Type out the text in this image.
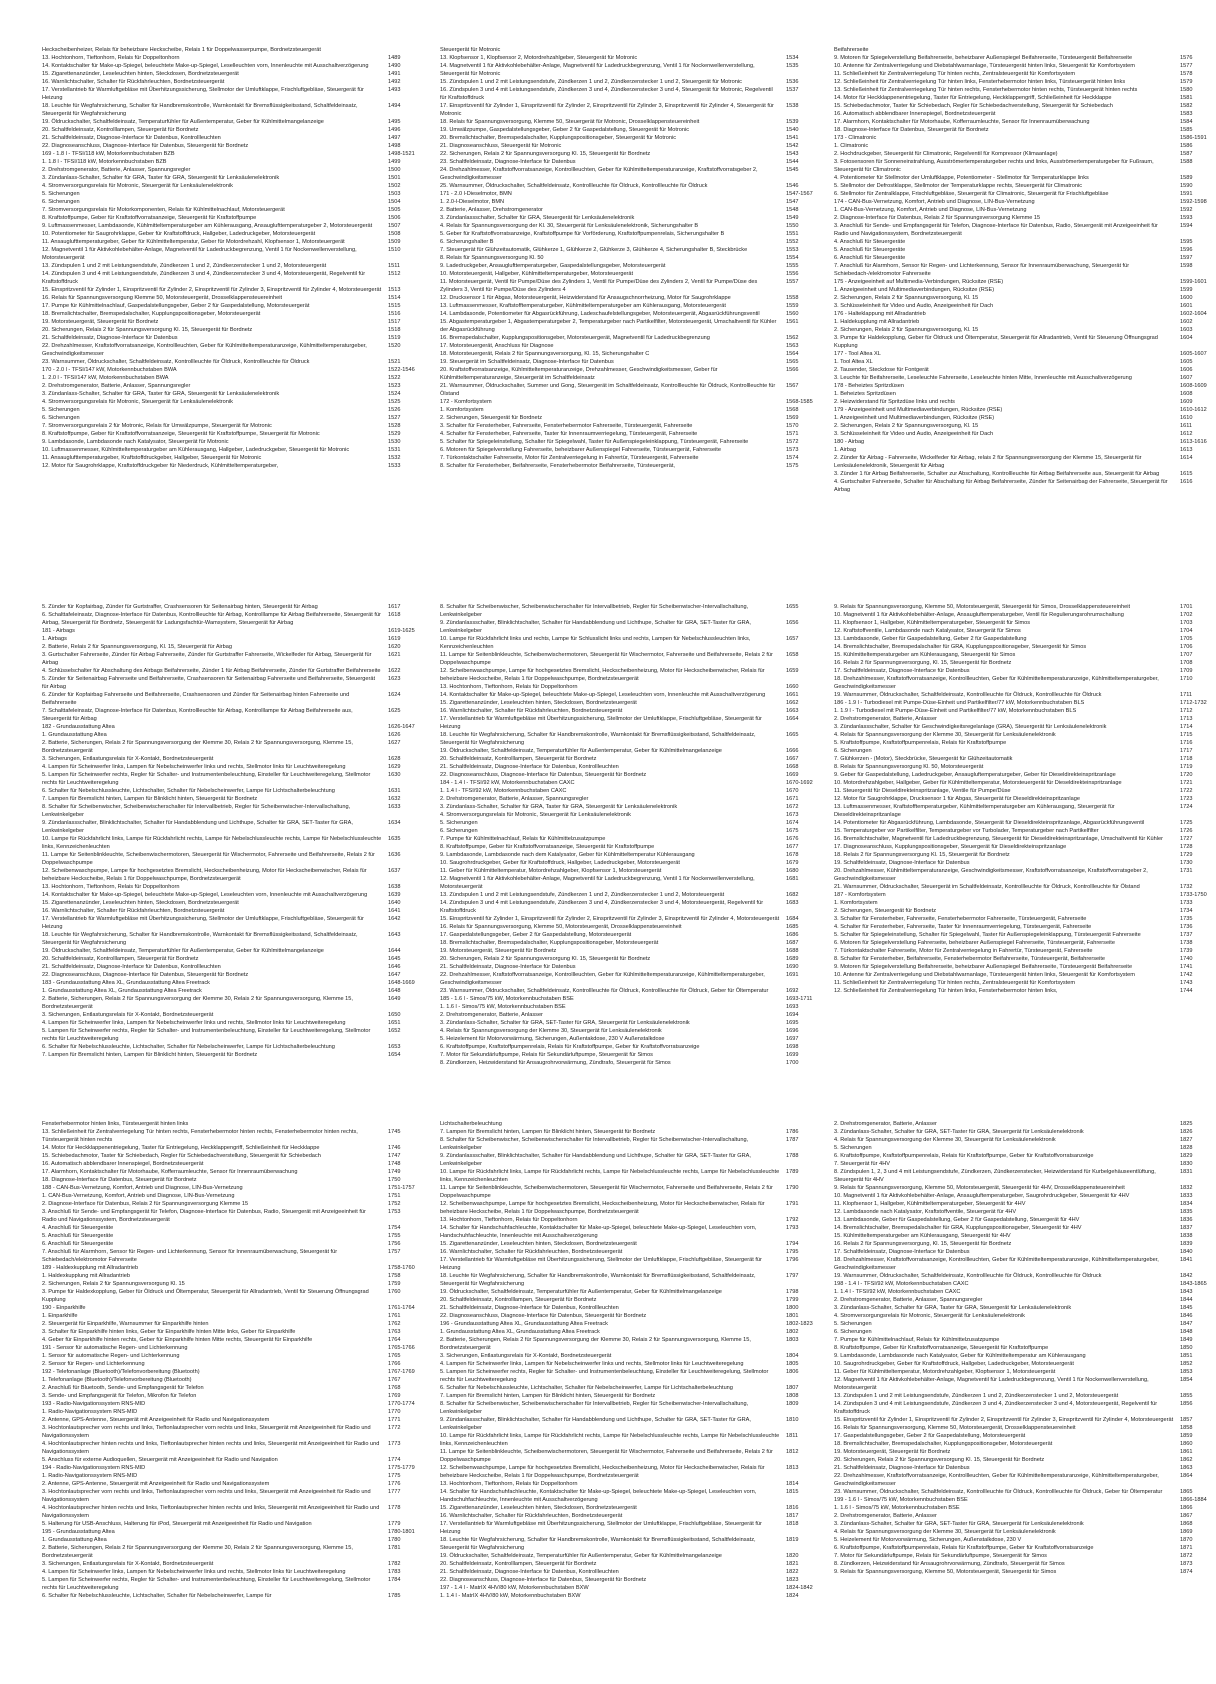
Heckscheibenheizer, Relais für beheizbare Heckscheibe, Relais 1 für Doppelwasserpumpe, Bordnetzsteuergerät
13. Hochtonhorn, Tieftonhorn, Relais für Doppeltonhorn	1489
14. Kontaktschalter für Make-up-Spiegel, beleuchtete Make-up-Spiegel, Leselleuchten vorn, Innenleuchte mit Ausschaltverzögerung	1490
15. Zigarettenanzünder, Leseleuchten hinten, Steckdosen, Bordnetzsteuergerät	1491
16. Warnlichtschalter, Schalter für Rückfahrleuchten, Bordnetzsteuergerät	1492
17. Verstellantrieb für Warmluftgebläse mit Überhitzungssicherung, Stellmotor der Umluftklappe, Frischluftgebläse, Steuergerät für Heizung
1493
18. Leuchte für Wegfahrsicherung, Schalter für Handbremskontrolle, Warnkontakt für Bremsflüssigkeitsstand, Schaltfeldeinsatz, Steuergerät für Wegfahrsicherung
1494
19. Öldruckschalter, Schaltfeldeinsatz, Temperaturfühler für Außentemperatur, Geber für Kühlmittelmangelanzeige	1495
20. Schaltfeldeinsatz, Kontrolllampen, Steuergerät für Bordnetz	1496
21. Schaltfeldeinsatz, Diagnose-Interface für Datenbus, Kontrollleuchten	1497
22. Diagnoseanschluss, Diagnose-Interface für Datenbus, Steuergerät für Bordnetz	1498
169 - 1.8 l - TFSI/118 kW, Motorkennbuchstaben BZB	1498-1521
1. 1.8 l - TFSI/118 kW, Motorkennbuchstaben BZB	1499
2. Drehstromgenerator, Batterie, Anlasser, Spannungsregler	1500
3. Zündanlass-Schalter, Schalter für GRA, Taster für GRA, Steuergerät für Lenksäulenelektronik	1501
4. Stromversorgungsrelais für Motronic, Steuergerät für Lenksäulenelektronik	1502
5. Sicherungen	1503
6. Sicherungen	1504
7. Stromversorgungsrelais für Motorkomponenten, Relais für Kühlmittelnachlauf, Motorsteuergerät	1505
8. Kraftstoffpumpe, Geber für Kraftstoffvorratsanzeige, Steuergerät für Kraftstoffpumpe	1506
9. Luftmassenmesser, Lambdasonde, Kühlmitteltemperaturgeber am Kühlerausgang, Ansauglufttemperaturgeber 2, Motorsteuergerät	1507
10. Potentiometer für Saugrohrklappe, Geber für Kraftstoffdruck, Hallgeber, Ladedruckgeber, Motorsteuergerät	1508
11. Ansauglufttemperaturgeber, Geber für Kühlmitteltemperatur, Geber für Motordrehzahl, Klopfsensor 1, Motorsteuergerät	1509
12. Magnetventil 1 für Aktivkohlebehälter-Anlage, Magnetventil für Ladedruckbegrenzung, Ventil 1 für Nockenwellenverstellung, Motorsteuergerät
1510
13. Zündspulen 1 und 2 mit Leistungsendstufe, Zündkerzen 1 und 2, Zündkerzenstecker 1 und 2, Motorsteuergerät	1511
14. Zündspulen 3 und 4 mit Leistungsendstufe, Zündkerzen 3 und 4, Zündkerzenstecker 3 und 4, Motorsteuergerät, Regelventil für Kraftstoffdruck
1512
15. Einspritzventil für Zylinder 1, Einspritzventil für Zylinder 2, Einspritzventil für Zylinder 3, Einspritzventil für Zylinder 4, Motorsteuergerät	1513
16. Relais für Spannungsversorgung Klemme 50, Motorsteuergerät, Drosselklappensteuereinheit	1514
17. Pumpe für Kühlmittelnachlauf, Gaspedalstellungsgeber, Geber 2 für Gaspedalstellung, Motorsteuergerät	1515
18. Bremslichtschalter, Bremspedalschalter, Kupplungspositionsgeber, Motorsteuergerät	1516
19. Motorsteuergerät, Steuergerät für Bordnetz	1517
20. Sicherungen, Relais 2 für Spannungsversorgung Kl. 15, Steuergerät für Bordnetz	1518
21. Schaltfeldeinsatz, Diagnose-Interface für Datenbus	1519
22. Drehzahlmesser, Kraftstoffvorratsanzeige, Kontrollleuchten, Geber für Kühlmitteltemperaturanzeige, Kühlmitteltemperaturgeber, Geschwindigkeitsmesser
1520
23. Warnsummer, Öldruckschalter, Schaltfeldeinsatz, Kontrollleuchte für Öldruck, Kontrollleuchte für Öldruck	1521
170 - 2.0 l - TFSI/147 kW, Motorkennbuchstaben BWA	1522-1546
1. 2.0 l - TFSI/147 kW, Motorkennbuchstaben BWA	1522
2. Drehstromgenerator, Batterie, Anlasser, Spannungsregler	1523
3. Zündanlass-Schalter, Schalter für GRA, Taster für GRA, Steuergerät für Lenksäulenelektronik	1524
4. Stromversorgungsrelais für Motronic, Steuergerät für Lenksäulenelektronik	1525
5. Sicherungen	1526
6. Sicherungen	1527
7. Stromversorgungsrelais 2 für Motronic, Relais für Umwälzpumpe, Steuergerät für Motronic	1528
8. Kraftstoffpumpe, Geber für Kraftstoffvorratsanzeige, Steuergerät für Kraftstoffpumpe, Steuergerät für Motronic	1529
9. Lambdasonde, Lambdasonde nach Katalysator, Steuergerät für Motronic	1530
10. Luftmassenmesser, Kühlmitteltemperaturgeber am Kühlerausgang, Hallgeber, Ladedruckgeber, Steuergerät für Motronic	1531
11. Ansauglufttemperaturgeber, Kraftstoffdruckgeber, Hallgeber, Steuergerät für Motronic	1532
12. Motor für Saugrohrklappe, Kraftstoffdruckgeber für Niederdruck, Kühlmitteltemperaturgeber,	1533
Steuergerät für Motronic
13. Klopfsensor 1, Klopfsensor 2, Motordrehzahlgeber, Steuergerät für Motronic	1534
14. Magnetventil 1 für Aktivkohlebehälter-Anlage, Magnetventil für Ladedruckbegrenzung, Ventil 1 für Nockenwellenverstellung, Steuergerät für Motronic
1535
15. Zündspulen 1 und 2 mit Leistungsendstufe, Zündkerzen 1 und 2, Zündkerzenstecker 1 und 2, Steuergerät für Motronic	1536
16. Zündspulen 3 und 4 mit Leistungsendstufe, Zündkerzen 3 und 4, Zündkerzenstecker 3 und 4, Steuergerät für Motronic, Regelventil für Kraftstoffdruck
1537
17. Einspritzventil für Zylinder 1, Einspritzventil für Zylinder 2, Einspritzventil für Zylinder 3, Einspritzventil für Zylinder 4, Steuergerät für Motronic
1538
18. Relais für Spannungsversorgung, Klemme 50, Steuergerät für Motronic, Drosselklappensteuereinheit	1539
19. Umwälzpumpe, Gaspedalstellungsgeber, Geber 2 für Gaspedalstellung, Steuergerät für Motronic	1540
20. Bremslichtschalter, Bremspedalschalter, Kupplungspositionsgeber, Steuergerät für Motronic	1541
21. Diagnoseanschluss, Steuergerät für Motronic	1542
22. Sicherungen, Relais 2 für Spannungsversorgung Kl. 15, Steuergerät für Bordnetz	1543
23. Schaltfeldeinsatz, Diagnose-Interface für Datenbus	1544
24. Drehzahlmesser, Kraftstoffvorratsanzeige, Kontrollleuchten, Geber für Kühlmitteltemperaturanzeige, Kraftstoffvorratsgeber 2, Geschwindigkeitsmesser
1545
25. Warnsummer, Öldruckschalter, Schaltfeldeinsatz, Kontrollleuchte für Öldruck, Kontrollleuchte für Öldruck	1546
171 - 2.0 l-Dieselmotor, BMN	1547-1567
1. 2.0-l-Dieselmotor, BMN	1547
2. Batterie, Anlasser, Drehstromgenerator	1548
3. Zündanlassschalter, Schalter für GRA, Steuergerät für Lenksäulenelektronik	1549
4. Relais für Spannungsversorgung der Kl. 30, Steuergerät für Lenksäulenelektronik, Sicherungshalter B	1550
5. Geber für Kraftstoffvorratsanzeige, Kraftstoffpumpe für Vorförderung, Kraftstoffpumpenrelais, Sicherungshalter B	1551
6. Sicherungshalter B	1552
7. Steuergerät für Glühzeitautomatik, Glühkerze 1, Glühkerze 2, Glühkerze 3, Glühkerze 4, Sicherungshalter B, Steckbrücke	1553
8. Relais für Spannungsversorgung Kl. 50	1554
9. Ladedruckgeber, Ansauglufttemperaturgeber, Gaspedalstellungsgeber, Motorsteuergerät	1555
10. Motorsteuergerät, Hallgeber, Kühlmitteltemperaturgeber, Motorsteuergerät	1556
11. Motorsteuergerät, Ventil für Pumpe/Düse des Zylinders 1, Ventil für Pumpe/Düse des Zylinders 2, Ventil für Pumpe/Düse des Zylinders 3, Ventil für Pumpe/Düse des Zylinders 4
1557
12. Drucksensor 1 für Abgas, Motorsteuergerät, Heizwiderstand für Ansaugschnorrheizung, Motor für Saugrohrklappe	1558
13. Luftmassenmesser, Kraftstofftemperaturgeber, Kühlmitteltemperaturgeber am Kühlerausgang, Motorsteuergerät	1559
14. Lambdasonde, Potentiometer für Abgasrückführung, Ladeschaufelstellungsgeber, Motorsteuergerät, Abgasrückführungsventil	1560
15. Abgastemperaturgeber 1, Abgastemperaturgeber 2, Temperaturgeber nach Partikelfilter, Motorsteuergerät, Umschaltventil für Kühler der Abgasrückführung
1561
16. Bremspedalschalter, Kupplungspositionsgeber, Motorsteuergerät, Magnetventil für Ladedruckbegrenzung	1562
17. Motorsteuergerät, Anschluss für Diagnose	1563
18. Motorsteuergerät, Relais 2 für Spannungsversorgung, Kl. 15, Sicherungshalter C	1564
19. Steuergerät im Schaltfeldeinsatz, Diagnose-Interface für Datenbus	1565
20. Kraftstoffvorratsanzeige, Kühlmitteltemperaturanzeige, Drehzahlmesser, Geschwindigkeitsmesser, Geber für Kühlmitteltemperaturanzeige, Steuergerät im Schaltfeldeinsatz
1566
21. Warnsummer, Öldruckschalter, Summer und Gong, Steuergerät im Schaltfeldeinsatz, Kontrollleuchte für Öldruck, Kontrollleuchte für Ölstand
1567
172 - Komfortsystem	1568-1585
1. Komfortsystem	1568
2. Sicherungen, Steuergerät für Bordnetz	1569
3. Schalter für Fensterheber, Fahrerseite, Fensterhebermotor Fahrerseite, Türsteuergerät, Fahrerseite	1570
4. Schalter für Fensterheber, Fahrerseite, Taster für Innenraumverriegelung, Türsteuergerät, Fahrerseite	1571
5. Schalter für Spiegeleinstellung, Schalter für Spiegelwahl, Taster für Außenspiegeleinklappung, Türsteuergerät, Fahrerseite	1572
6. Motoren für Spiegelverstellung Fahrerseite, beheizbarer Außenspiegel Fahrerseite, Türsteuergerät, Fahrerseite	1573
7. Türkontaktschalter Fahrerseite, Motor für Zentralverriegelung in Fahrertür, Türsteuergerät, Fahrerseite	1574
8. Schalter für Fensterheber, Beifahrerseite, Fensterhebermotor Beifahrerseite, Türsteuergerät,	1575
Beifahrerseite
9. Motoren für Spiegelverstellung Beifahrerseite, beheizbarer Außenspiegel Beifahrerseite, Türsteuergerät Beifahrerseite	1576
10. Antenne für Zentralverriegelung und Diebstahlwarnanlage, Türsteuergerät hinten links, Steuergerät für Komfortsystem	1577
11. Schließeinheit für Zentralverriegelung Tür hinten rechts, Zentralsteuergerät für Komfortsystem	1578
12. Schließeinheit für Zentralverriegelung Tür hinten links, Fensterhebermotor hinten links, Türsteuergerät hinten links	1579
13. Schließeinheit für Zentralverriegelung Tür hinten rechts, Fensterhebermotor hinten rechts, Türsteuergerät hinten rechts	1580
14. Motor für Heckklappenentriegelung, Taster für Entriegelung, Heckklappengriff, Schließeinheit für Heckklappe	1581
15. Schiebedachmotor, Taster für Schiebedach, Regler für Schiebedachverstellung, Steuergerät für Schiebedach	1582
16. Automatisch abblendbarer Innenspiegel, Bordnetzsteuergerät	1583
17. Alarmhorn, Kontaktschalter für Motorhaube, Kofferraumleuchte, Sensor für Innenraumüberwachung	1584
18. Diagnose-Interface für Datenbus, Steuergerät für Bordnetz	1585
173 - Climatronic	1586-1591
1. Climatronic	1586
2. Hochdruckgeber, Steuergerät für Climatronic, Regelventil für Kompressor (Klimaanlage)	1587
3. Fotosensoren für Sonneneinstrahlung, Ausströmertemperaturgeber rechts und links, Ausströmertemperaturgeber für Fußraum, Steuergerät für Climatronic
1588
4. Potentiometer für Stellmotor der Umluftklappe, Potentiometer - Stellmotor für Temperaturklappe links	1589
5. Stellmotor der Defrostklappe, Stellmotor der Temperaturklappe rechts, Steuergerät für Climatronic	1590
6. Stellmotor für Zentralklappe, Frischluftgebläse, Steuergerät für Climatronic, Steuergerät für Frischluftgebläse	1591
174 - CAN-Bus-Vernetzung, Komfort, Antrieb und Diagnose, LIN-Bus-Vernetzung	1592-1598
1. CAN-Bus-Vernetzung, Komfort, Antrieb und Diagnose, LIN-Bus-Vernetzung	1592
2. Diagnose-Interface für Datenbus, Relais 2 für Spannungsversorgung Klemme 15	1593
3. Anschluß für Sende- und Empfangsgerät für Telefon, Diagnose-Interface für Datenbus, Radio, Steuergerät mit Anzeigeeinheit für Radio und Navigationssystem, Bordnetzsteuergerät
1594
4. Anschluß für Steuergeräte	1595
5. Anschluß für Steuergeräte	1596
6. Anschluß für Steuergeräte	1597
7. Anschluß für Alarmhorn, Sensor für Regen- und Lichterkennung, Sensor für Innenraumüberwachung, Steuergerät für Schiebedach-/elektromotor Fahrerseite
1598
175 - Anzeigeeinheit auf Multimedia-Verbindungen, Rücksitze (RSE)	1599-1601
1. Anzeigeeinheit und Multimediaverbindungen, Rücksitze (RSE)	1599
2. Sicherungen, Relais 2 für Spannungsversorgung, Kl. 15	1600
3. Schlüsseleinheit für Video und Audio, Anzeigeeinheit für Dach	1601
176 - Halteklappung mit Allradantrieb	1602-1604
1. Haldekupplung mit Allradantrieb	1602
2. Sicherungen, Relais 2 für Spannungsversorgung, Kl. 15	1603
3. Pumpe für Haldekopplung, Geber für Öldruck und Öltemperatur, Steuergerät für Allradantrieb, Ventil für Steuerung Öffnungsgrad Kupplung
1604
177 - Tool Altea XL	1605-1607
1. Tool Altea XL	1605
2. Tausender, Steckdose für Fontgerät	1606
3. Leuchte für Beifahrerseite, Leseleuchte Fahrerseite, Leseleuchte hinten Mitte, Innenleuchte mit Ausschaltverzögerung	1607
178 - Beheiztes Spritzdüsen	1608-1609
1. Beheiztes Spritzdüsen	1608
2. Heizwiderstand für Spritzdüse links und rechts	1609
179 - Anzeigeeinheit und Multimediaverbindungen, Rücksitze (RSE)	1610-1612
1. Anzeigeeinheit und Multimediaverbindungen, Rücksitze (RSE)	1610
2. Sicherungen, Relais 2 für Spannungsversorgung, Kl. 15	1611
3. Schlüsseleinheit für Video und Audio, Anzeigeeinheit für Dach	1612
180 - Airbag	1613-1616
1. Airbag	1613
2. Zünder für Airbag - Fahrerseite, Wickelfeder für Airbag, relais 2 für Spannungsversorgung der Klemme 15, Steuergerät für Lenksäulenelektronik, Steuergerät für Airbag
1614
3. Zünder 1 für Airbag Beifahrerseite, Schalter zur Abschaltung, Kontrollleuchte für Airbag Beifahrerseite aus, Steuergerät für Airbag	1615
4. Gurtschalter Fahrerseite, Schalter für Abschaltung für Airbag Beifahrerseite, Zünder für Seitenairbag der Fahrerseite, Steuergerät für Airbag
1616
5. Zünder für Kopfairbag, Zünder für Gurtstraffer, Crashsensoren für Seitenairbag hinten, Steuergerät für Airbag	1617
6. Schalttafeleinsatz, Diagnose-Interface für Datenbus, Kontrollleuchte für Airbag, Kontrolllampe für Airbag Beifahrerseite, Steuergerät für Airbag, Steuergerät für Bordnetz, Steuergerät für Ladungsfachtür-Wamsystem, Steuergerät für Airbag
1618
181 - Airbags	1619-1625
1. Airbags	1619
2. Batterie, Relais 2 für Spannungsversorgung, Kl. 15, Steuergerät für Airbag	1620
3. Gurtschalter Fahrerseite, Zünder für Airbag Fahrerseite, Zünder für Gurtstraffer Fahrerseite, Wickelfeder für Airbag, Steuergerät für Airbag
1621
4. Schlüsselschalter für Abschaltung des Airbags Beifahrerseite, Zünder 1 für Airbag Beifahrerseite, Zünder für Gurtstraffer Beifahrerseite	1622
5. Zünder für Seitenairbag Fahrerseite und Beifahrerseite, Crashsensoren für Seitenairbag Fahrerseite und Beifahrerseite, Steuergerät für Airbag
1623
6. Zünder für Kopfairbag Fahrerseite und Beifahrerseite, Crashsensoren und Zünder für Seitenairbag hinten Fahrerseite und Beifahrerseite
1624
7. Schalttafeleinsatz, Diagnose-Interface für Datenbus, Kontrollleuchte für Airbag, Kontrolllampe für Airbag Beifahrerseite aus, Steuergerät für Airbag
1625
182 - Grundausstattung Altea	1626-1647
1. Grundausstattung Altea	1626
2. Batterie, Sicherungen, Relais 2 für Spannungsversorgung der Klemme 30, Relais 2 für Spannungsversorgung, Klemme 15, Bordnetzsteuergerät
1627
3. Sicherungen, Entlastungsrelais für X-Kontakt, Bordnetzsteuergerät	1628
4. Lampen für Scheinwerfer links, Lampen für Nebelscheinwerfer links und rechts, Stellmotor links für Leuchtweiteregelung	1629
5. Lampen für Scheinwerfer rechts, Regler für Schalter- und Instrumentenbeleuchtung, Einsteller für Leuchtweiteregelung, Stellmotor rechts für Leuchtweiteregelung
1630
6. Schalter für Nebelschlussleuchte, Lichtschalter, Schalter für Nebelscheinwerfer, Lampe für Lichtschalterbeleuchtung	1631
7. Lampen für Bremslicht hinten, Lampen für Blinklicht hinten, Steuergerät für Bordnetz	1632
8. Schalter für Scheibenwischer, Scheibenwischerschalter für Intervallbetrieb, Regler für Scheibenwischer-Intervallschaltung, Lenkwinkelgeber
1633
9. Zündanlassschalter, Blinklichtschalter, Schalter für Handabblendung und Lichthupe, Schalter für GRA, SET-Taster für GRA, Lenkwinkelgeber
1634
10. Lampe für Rückfahrlicht links, Lampe für Rückfahrlicht rechts, Lampe für Nebelschlussleuchte rechts, Lampe für Nebelschlussleuchte links, Kennzeichenleuchten
1635
11. Lampe für Seitenblinkleuchte, Scheibenwischermotoren, Steuergerät für Wischermotor, Fahrerseite und Beifahrerseite, Relais 2 für Doppelwaschpumpe
1636
12. Scheibenwaschpumpe, Lampe für hochgesetztes Bremslicht, Heckscheibenheizung, Motor für Heckscheibenwischer, Relais für beheizbare Heckscheibe, Relais 1 für Doppelwaschpumpe, Bordnetzsteuergerät
1637
13. Hochtonhorn, Tieftonhorn, Relais für Doppeltonhorn	1638
14. Kontaktschalter für Make-up-Spiegel, beleuchtete Make-up-Spiegel, Leseleuchten vorn, Innenleuchte mit Ausschaltverzögerung	1639
15. Zigarettenanzünder, Leseleuchten hinten, Steckdosen, Bordnetzsteuergerät	1640
16. Warnlichtschalter, Schalter für Rückfahrleuchten, Bordnetzsteuergerät	1641
17. Verstellantrieb für Warmluftgebläse mit Überhitzungssicherung, Stellmotor der Umluftklappe, Frischluftgebläse, Steuergerät für Heizung
1642
18. Leuchte für Wegfahrsicherung, Schalter für Handbremskontrolle, Warnkontakt für Bremsflüssigkeitsstand, Schaltfeldeinsatz, Steuergerät für Wegfahrsicherung
1643
19. Öldruckschalter, Schaltfeldeinsatz, Temperaturfühler für Außentemperatur, Geber für Kühlmittelmangelanzeige	1644
20. Schaltfeldeinsatz, Kontrolllampen, Steuergerät für Bordnetz	1645
21. Schaltfeldeinsatz, Diagnose-Interface für Datenbus, Kontrollleuchten	1646
22. Diagnoseanschluss, Diagnose-Interface für Datenbus, Steuergerät für Bordnetz	1647
183 - Grundausstattung Altea XL, Grundausstattung Altea Freetrack	1648-1669
1. Grundausstattung Altea XL, Grundausstattung Altea Freetrack	1648
2. Batterie, Sicherungen, Relais 2 für Spannungsversorgung der Klemme 30, Relais 2 für Spannungsversorgung, Klemme 15, Bordnetzsteuergerät
1649
3. Sicherungen, Entlastungsrelais für X-Kontakt, Bordnetzsteuergerät	1650
4. Lampen für Scheinwerfer links, Lampen für Nebelscheinwerfer links und rechts, Stellmotor links für Leuchtweiteregelung	1651
5. Lampen für Scheinwerfer rechts, Regler für Schalter- und Instrumentenbeleuchtung, Einsteller für Leuchtweiteregelung, Stellmotor rechts für Leuchtweiteregelung
1652
6. Schalter für Nebelschlussleuchte, Lichtschalter, Schalter für Nebelscheinwerfer, Lampe für Lichtschalterbeleuchtung	1653
7. Lampen für Bremslicht hinten, Lampen für Blinklicht hinten, Steuergerät für Bordnetz	1654
8. Schalter für Scheibenwischer, Scheibenwischerschalter für Intervallbetrieb, Regler für Scheibenwischer-Intervallschaltung, Lenkwinkelgeber
1655
9. Zündanlassschalter, Blinklichtschalter, Schalter für Handabblendung und Lichthupe, Schalter für GRA, SET-Taster für GRA, Lenkwinkelgeber
1656
10. Lampe für Rückfahrlicht links und rechts, Lampe für Schlusslicht links und rechts, Lampen für Nebelschlussleuchten links, Kennzeichenleuchten
1657
11. Lampe für Seitenblinkleuchte, Scheibenwischermotoren, Steuergerät für Wischermotor, Fahrerseite und Beifahrerseite, Relais 2 für Doppelwaschpumpe
1658
12. Scheibenwaschpumpe, Lampe für hochgesetztes Bremslicht, Heckscheibenheizung, Motor für Heckscheibenwischer, Relais für beheizbare Heckscheibe, Relais 1 für Doppelwaschpumpe, Bordnetzsteuergerät
1659
13. Hochtonhorn, Tieftonhorn, Relais für Doppeltonhorn	1660
14. Kontaktschalter für Make-up-Spiegel, beleuchtete Make-up-Spiegel, Leseleuchten vorn, Innenleuchte mit Ausschaltverzögerung	1661
15. Zigarettenanzünder, Leseleuchten hinten, Steckdosen, Bordnetzsteuergerät	1662
16. Warnlichtschalter, Schalter für Rückfahrleuchten, Bordnetzsteuergerät	1663
17. Verstellantrieb für Warmluftgebläse mit Überhitzungssicherung, Stellmotor der Umluftklappe, Frischluftgebläse, Steuergerät für Heizung
1664
18. Leuchte für Wegfahrsicherung, Schalter für Handbremskontrolle, Warnkontakt für Bremsflüssigkeitsstand, Schaltfeldeinsatz, Steuergerät für Wegfahrsicherung
1665
19. Öldruckschalter, Schaltfeldeinsatz, Temperaturfühler für Außentemperatur, Geber für Kühlmittelmangelanzeige	1666
20. Schaltfeldeinsatz, Kontrolllampen, Steuergerät für Bordnetz	1667
21. Schaltfeldeinsatz, Diagnose-Interface für Datenbus, Kontrollleuchten	1668
22. Diagnoseanschluss, Diagnose-Interface für Datenbus, Steuergerät für Bordnetz	1669
184 - 1.4 l - TFSI/92 kW, Motorkennbuchstaben CAXC	1670-1692
1. 1.4 l - TFSI/92 kW, Motorkennbuchstaben CAXC	1670
2. Drehstromgenerator, Batterie, Anlasser, Spannungsregler	1671
3. Zündanlass-Schalter, Schalter für GRA, Taster für GRA, Steuergerät für Lenksäulenelektronik	1672
4. Stromversorgungsrelais für Motronic, Steuergerät für Lenksäulenelektronik	1673
5. Sicherungen	1674
6. Sicherungen	1675
7. Pumpe für Kühlmittelnachlauf, Relais für Kühlmittelzusatzpumpe	1676
8. Kraftstoffpumpe, Geber für Kraftstoffvorratsanzeige, Steuergerät für Kraftstoffpumpe	1677
9. Lambdasonde, Lambdasonde nach dem Katalysator, Geber für Kühlmitteltemperatur Kühlerausgang	1678
10. Saugrohrdruckgeber, Geber für Kraftstoffdruck, Hallgeber, Ladedruckgeber, Motorsteuergerät	1679
11. Geber für Kühlmitteltemperatur, Motordrehzahlgeber, Klopfsensor 1, Motorsteuergerät	1680
12. Magnetventil 1 für Aktivkohlebehälter-Anlage, Magnetventil für Ladedruckbegrenzung, Ventil 1 für Nockenwellenverstellung, Motorsteuergerät
1681
13. Zündspulen 1 und 2 mit Leistungsendstufe, Zündkerzen 1 und 2, Zündkerzenstecker 1 und 2, Motorsteuergerät	1682
14. Zündspulen 3 und 4 mit Leistungsendstufe, Zündkerzen 3 und 4, Zündkerzenstecker 3 und 4, Motorsteuergerät, Regelventil für Kraftstoffdruck
1683
15. Einspritzventil für Zylinder 1, Einspritzventil für Zylinder 2, Einspritzventil für Zylinder 3, Einspritzventil für Zylinder 4, Motorsteuergerät	1684
16. Relais für Spannungsversorgung, Klemme 50, Motorsteuergerät, Drosselklappensteuereinheit	1685
17. Gaspedalstellungsgeber, Geber 2 für Gaspedalstellung, Motorsteuergerät	1686
18. Bremslichtschalter, Bremspedalschalter, Kupplungspositionsgeber, Motorsteuergerät	1687
19. Motorsteuergerät, Steuergerät für Bordnetz	1688
20. Sicherungen, Relais 2 für Spannungsversorgung Kl. 15, Steuergerät für Bordnetz	1689
21. Schaltfeldeinsatz, Diagnose-Interface für Datenbus	1690
22. Drehzahlmesser, Kraftstoffvorratsanzeige, Kontrollleuchten, Geber für Kühlmitteltemperaturanzeige, Kühlmitteltemperaturgeber, Geschwindigkeitsmesser
1691
23. Warnsummer, Öldruckschalter, Schaltfeldeinsatz, Kontrollleuchte für Öldruck, Kontrollleuchte für Öldruck, Geber für Öltemperatur	1692
185 - 1.6 l - Simos/75 kW, Motorkennbuchstaben BSE	1693-1711
1. 1.6 l - Simos/75 kW, Motorkennbuchstaben BSE	1693
2. Drehstromgenerator, Batterie, Anlasser	1694
3. Zündanlass-Schalter, Schalter für GRA, SET-Taster für GRA, Steuergerät für Lenksäulenelektronik	1695
4. Relais für Spannungsversorgung der Klemme 30, Steuergerät für Lenksäulenelektronik	1696
5. Heizelement für Motorvorwärmung, Sicherungen, Außentakdose, 230 V Außenstalkdose	1697
6. Kraftstoffpumpe, Kraftstoffpumpenrelais, Relais für Kraftstoffpumpe, Geber für Kraftstoffvorratsanzeige	1698
7. Motor für Sekundärluftpumpe, Relais für Sekundärluftpumpe, Steuergerät für Simos	1699
8. Zündkerzen, Heizwiderstand für Ansaugrohrvorwärmung, Zündtrafo, Steuergerät für Simos	1700
9. Relais für Spannungsversorgung, Klemme 50, Motorsteuergerät, Steuergerät für Simos, Drosselklappensteuereinheit	1701
10. Magnetventil 1 für Aktivkohlebehälter-Anlage, Ansaugluftemperaturgeber, Ventil für Regulierungsrohrumschaltung	1702
11. Klopfsensor 1, Hallgeber, Kühlmitteltemperaturgeber, Steuergerät für Simos	1703
12. Kraftstoffventile, Lambdasonde nach Katalysator, Steuergerät für Simos	1704
13. Lambdasonde, Geber für Gaspedalstellung, Geber 2 für Gaspedalstellung	1705
14. Bremslichtschalter, Bremspedalschalter für GRA, Kupplungspositionsgeber, Steuergerät für Simos	1706
15. Kühlmitteltemperaturgeber am Kühlerausgang, Steuergerät für Simos	1707
16. Relais 2 für Spannungsversorgung, Kl. 15, Steuergerät für Bordnetz	1708
17. Schaltfeldeinsatz, Diagnose-Interface für Datenbus	1709
18. Drehzahlmesser, Kraftstoffvorratsanzeige, Kontrollleuchten, Geber für Kühlmitteltemperaturanzeige, Kühlmitteltemperaturgeber, Geschwindigkeitsmesser
1710
19. Warnsummer, Öldruckschalter, Schaltfeldeinsatz, Kontrollleuchte für Öldruck, Kontrollleuchte für Öldruck	1711
186 - 1.9 l - Turbodiesel mit Pumpe-Düse-Einheit und Partikelfilter/77 kW, Motorkennbuchstaben BLS	1712-1732
1. 1.9 l - Turbodiesel mit Pumpe-Düse-Einheit und Partikelfilter/77 kW, Motorkennbuchstaben BLS	1712
2. Drehstromgenerator, Batterie, Anlasser	1713
3. Zündanlassschalter, Schalter für Geschwindigkeitsregelanlage (GRA), Steuergerät für Lenksäulenelektronik	1714
4. Relais für Spannungsversorgung der Klemme 30, Steuergerät für Lenksäulenelektronik	1715
5. Kraftstoffpumpe, Kraftstoffpumpenrelais, Relais für Kraftstoffpumpe	1716
6. Sicherungen	1717
7. Glühkerzen - (Motor), Steckbrücke, Steuergerät für Glühzeitautomatik	1718
8. Relais für Spannungsversorgung Kl. 50, Motorsteuergerät	1719
9. Geber für Gaspedalstellung, Ladedruckgeber, Ansaugluftemperaturgeber, Geber für Dieseldirekteinspritzanlage	1720
10. Motordrehzahlgeber, Hallgeber, Geber für Kühlmitteltemperatur, Motorsteuergerät für Dieseldirekteinspritzanlage	1721
11. Steuergerät für Dieseldirekteinspritzanlage, Ventile für Pumpe/Düse	1722
12. Motor für Saugrohrklappe, Drucksensor 1 für Abgas, Steuergerät für Dieseldirekteinspritzanlage	1723
13. Luftmassenmesser, Kraftstofftemperaturgeber, Kühlmitteltemperaturgeber am Kühlerausgang, Steuergerät für Dieseldirekteinspritzanlage
1724
14. Potentiometer für Abgasrückführung, Lambdasonde, Steuergerät für Dieseldirekteinspritzanlage, Abgasrückführungsventil	1725
15. Temperaturgeber vor Partikelfilter, Temperaturgeber vor Turbolader, Temperaturgeber nach Partikelfilter	1726
16. Bremslichtschalter, Magnetventil für Ladedruckbegrenzung, Steuergerät für Dieseldirekteinspritzanlage, Umschaltventil für Kühler	1727
17. Diagnoseanschluss, Kupplungspositionsgeber, Steuergerät für Dieseldirekteinspritzanlage	1728
18. Relais 2 für Spannungsversorgung Kl. 15, Steuergerät für Bordnetz	1729
19. Schaltfeldeinsatz, Diagnose-Interface für Datenbus	1730
20. Drehzahlmesser, Kühlmitteltemperaturanzeige, Geschwindigkeitsmesser, Kraftstoffvorratsanzeige, Kraftstoffvorratsgeber 2, Geschwindigkeitsmesser
1731
21. Warnsummer, Öldruckschalter, Steuergerät im Schaltfeldeinsatz, Kontrollleuchte für Öldruck, Kontrollleuchte für Ölstand	1732
187 - Komfortsystem	1733-1750
1. Komfortsystem	1733
2. Sicherungen, Steuergerät für Bordnetz	1734
3. Schalter für Fensterheber, Fahrerseite, Fensterhebermotor Fahrerseite, Türsteuergerät, Fahrerseite	1735
4. Schalter für Fensterheber, Fahrerseite, Taster für Innenraumverriegelung, Türsteuergerät, Fahrerseite	1736
5. Schalter für Spiegeleinstellung, Schalter für Spiegelwahl, Taster für Außenspiegeleinklappung, Türsteuergerät Fahrerseite	1737
6. Motoren für Spiegelverstellung Fahrerseite, beheizbarer Außenspiegel Fahrerseite, Türsteuergerät, Fahrerseite	1738
7. Türkontaktschalter Fahrerseite, Motor für Zentralverriegelung in Fahrertür, Türsteuergerät, Fahrerseite	1739
8. Schalter für Fensterheber, Beifahrerseite, Fensterhebermotor Beifahrerseite, Türsteuergerät, Beifahrerseite	1740
9. Motoren für Spiegelverstellung Beifahrerseite, beheizbarer Außenspiegel Beifahrerseite, Türsteuergerät Beifahrerseite	1741
10. Antenne für Zentralverriegelung und Diebstahlwarnanlage, Türsteuergerät hinten links, Steuergerät für Komfortsystem	1742
11. Schließeinheit für Zentralverriegelung Tür hinten rechts, Zentralsteuergerät für Komfortsystem	1743
12. Schließeinheit für Zentralverriegelung Tür hinten links, Fensterhebermotor hinten links,	1744
Fensterhebermotor hinten links, Türsteuergerät hinten links
13. Schließeinheit für Zentralverriegelung Tür hinten rechts, Fensterhebermotor hinten rechts, Fensterhebermotor hinten rechts, Türsteuergerät hinten rechts
1745
14. Motor für Heckklappenentriegelung, Taster für Entriegelung, Heckklappengriff, Schließeinheit für Heckklappe	1746
15. Schiebedachmotor, Taster für Schiebedach, Regler für Schiebedachverstellung, Steuergerät für Schiebedach	1747
16. Automatisch abblendbarer Innenspiegel, Bordnetzsteuergerät	1748
17. Alarmhorn, Kontaktschalter für Motorhaube, Kofferraumleuchte, Sensor für Innenraumüberwachung	1749
18. Diagnose-Interface für Datenbus, Steuergerät für Bordnetz	1750
188 - CAN-Bus-Vernetzung, Komfort, Antrieb und Diagnose, LIN-Bus-Vernetzung	1751-1757
1. CAN-Bus-Vernetzung, Komfort, Antrieb und Diagnose, LIN-Bus-Vernetzung	1751
2. Diagnose-Interface für Datenbus, Relais 2 für Spannungsversorgung Klemme 15	1752
3. Anschluß für Sende- und Empfangsgerät für Telefon, Diagnose-Interface für Datenbus, Radio, Steuergerät mit Anzeigeeinheit für Radio und Navigationssystem, Bordnetzsteuergerät
1753
4. Anschluß für Steuergeräte	1754
5. Anschluß für Steuergeräte	1755
6. Anschluß für Steuergeräte	1756
7. Anschluß für Alarmhorn, Sensor für Regen- und Lichterkennung, Sensor für Innenraumüberwachung, Steuergerät für Schiebedach/elektromotor Fahrerseite
1757
189 - Haldexkupplung mit Allradantrieb	1758-1760
1. Haldexkupplung mit Allradantrieb	1758
2. Sicherungen, Relais 2 für Spannungsversorgung Kl. 15	1759
3. Pumpe für Haldexkopplung, Geber für Öldruck und Öltemperatur, Steuergerät für Allradantrieb, Ventil für Steuerung Öffnungsgrad Kupplung
1760
190 - Einparkhilfe	1761-1764
1. Einparkhilfe	1761
2. Steuergerät für Einparkhilfe, Warnsummer für Einparkhilfe hinten	1762
3. Schalter für Einparkhilfe hinten links, Geber für Einparkhilfe hinten Mitte links, Geber für Einparkhilfe	1763
4. Geber für Einparkhilfe hinten rechts, Geber für Einparkhilfe hinten Mitte rechts, Steuergerät für Einparkhilfe	1764
191 - Sensor für automatische Regen- und Lichterkennung	1765-1766
1. Sensor für automatische Regen- und Lichterkennung	1765
2. Sensor für Regen- und Lichterkennung	1766
192 - Telefonanlage (Bluetooth)/Telefonvorbereitung (Bluetooth)	1767-1769
1. Telefonanlage (Bluetooth)/Telefonvorbereitung (Bluetooth)	1767
2. Anschluß für Bluetooth, Sende- und Empfangsgerät für Telefon	1768
3. Sende- und Empfangsgerät für Telefon, Mikrofon für Telefon	1769
193 - Radio-Navigationssystem RNS-MID	1770-1774
1. Radio-Navigationssystem RNS-MID	1770
2. Antenne, GPS-Antenne, Steuergerät mit Anzeigeeinheit für Radio und Navigationssystem	1771
3. Hochtonlautsprecher vorn rechts und links, Tieftonlautsprecher vorn rechts und links, Steuergerät mit Anzeigeeinheit für Radio und Navigationssystem
1772
4. Hochtonlautsprecher hinten rechts und links, Tieftonlautsprecher hinten rechts und links, Steuergerät mit Anzeigeeinheit für Radio und Navigationssystem
1773
5. Anschluss für externe Audioquellen, Steuergerät mit Anzeigeeinheit für Radio und Navigation	1774
194 - Radio-Navigationssystem RNS-MID	1775-1779
1. Radio-Navigationssystem RNS-MID	1775
2. Antenne, GPS-Antenne, Steuergerät mit Anzeigeeinheit für Radio und Navigationssystem	1776
3. Hochtonlautsprecher vorn rechts und links, Tieftonlautsprecher vorn rechts und links, Steuergerät mit Anzeigeeinheit für Radio und Navigationssystem
1777
4. Hochtonlautsprecher hinten rechts und links, Tieftonlautsprecher hinten rechts und links, Steuergerät mit Anzeigeeinheit für Radio und Navigationssystem
1778
5. Halterung für USB-Anschluss, Halterung für iPod, Steuergerät mit Anzeigeeinheit für Radio und Navigation	1779
195 - Grundausstattung Altea	1780-1801
1. Grundausstattung Altea	1780
2. Batterie, Sicherungen, Relais 2 für Spannungsversorgung der Klemme 30, Relais 2 für Spannungsversorgung, Klemme 15, Bordnetzsteuergerät
1781
3. Sicherungen, Entlastungsrelais für X-Kontakt, Bordnetzsteuergerät	1782
4. Lampen für Scheinwerfer links, Lampen für Nebelscheinwerfer links und rechts, Stellmotor links für Leuchtweiteregelung	1783
5. Lampen für Scheinwerfer rechts, Regler für Schalter- und Instrumentenbeleuchtung, Einsteller für Leuchtweiteregelung, Stellmotor rechts für Leuchtweiteregelung
1784
6. Schalter für Nebelschlussleuchte, Lichtschalter, Schalter für Nebelscheinwerfer, Lampe für	1785
Lichtschalterbeleuchtung
7. Lampen für Bremslicht hinten, Lampen für Blinklicht hinten, Steuergerät für Bordnetz	1786
8. Schalter für Scheibenwischer, Scheibenwischerschalter für Intervallbetrieb, Regler für Scheibenwischer-Intervallschaltung, Lenkwinkelgeber
1787
9. Zündanlassschalter, Blinklichtschalter, Schalter für Handabblendung und Lichthupe, Schalter für GRA, SET-Taster für GRA, Lenkwinkelgeber
1788
10. Lampe für Rückfahrlicht links, Lampe für Rückfahrlicht rechts, Lampe für Nebelschlussleuchte rechts, Lampe für Nebelschlussleuchte links, Kennzeichenleuchten
1789
11. Lampe für Seitenblinkleuchte, Scheibenwischermotoren, Steuergerät für Wischermotor, Fahrerseite und Beifahrerseite, Relais 2 für Doppelwaschpumpe
1790
12. Scheibenwaschpumpe, Lampe für hochgesetztes Bremslicht, Heckscheibenheizung, Motor für Heckscheibenwischer, Relais für beheizbare Heckscheibe, Relais 1 für Doppelwaschpumpe, Bordnetzsteuergerät
1791
13. Hochtonhorn, Tieftonhorn, Relais für Doppeltonhorn	1792
14. Schalter für Handschuhfachleuchte, Kontaktschalter für Make-up-Spiegel, beleuchtete Make-up-Spiegel, Leseleuchten vorn, Handschuhfachleuchte, Innenleuchte mit Ausschaltverzögerung
1793
15. Zigarettenanzünder, Leseleuchten hinten, Steckdosen, Bordnetzsteuergerät	1794
16. Warnlichtschalter, Schalter für Rückfahrleuchten, Bordnetzsteuergerät	1795
17. Verstellantrieb für Warmluftgebläse mit Überhitzungssicherung, Stellmotor der Umluftklappe, Frischluftgebläse, Steuergerät für Heizung
1796
18. Leuchte für Wegfahrsicherung, Schalter für Handbremskontrolle, Warnkontakt für Bremsflüssigkeitsstand, Schaltfeldeinsatz, Steuergerät für Wegfahrsicherung
1797
19. Öldruckschalter, Schaltfeldeinsatz, Temperaturfühler für Außentemperatur, Geber für Kühlmittelmangelanzeige	1798
20. Schaltfeldeinsatz, Kontrolllampen, Steuergerät für Bordnetz	1799
21. Schaltfeldeinsatz, Diagnose-Interface für Datenbus, Kontrollleuchten	1800
22. Diagnoseanschluss, Diagnose-Interface für Datenbus, Steuergerät für Bordnetz	1801
196 - Grundausstattung Altea XL, Grundausstattung Altea Freetrack	1802-1823
1. Grundausstattung Altea XL, Grundausstattung Altea Freetrack	1802
2. Batterie, Sicherungen, Relais 2 für Spannungsversorgung der Klemme 30, Relais 2 für Spannungsversorgung, Klemme 15, Bordnetzsteuergerät
1803
3. Sicherungen, Entlastungsrelais für X-Kontakt, Bordnetzsteuergerät	1804
4. Lampen für Scheinwerfer links, Lampen für Nebelscheinwerfer links und rechts, Stellmotor links für Leuchtweiteregelung	1805
5. Lampen für Scheinwerfer rechts, Regler für Schalter- und Instrumentenbeleuchtung, Einsteller für Leuchtweiteregelung, Stellmotor rechts für Leuchtweiteregelung
1806
6. Schalter für Nebelschlussleuchte, Lichtschalter, Schalter für Nebelscheinwerfer, Lampe für Lichtschalterbeleuchtung	1807
7. Lampen für Bremslicht hinten, Lampen für Blinklicht hinten, Steuergerät für Bordnetz	1808
8. Schalter für Scheibenwischer, Scheibenwischerschalter für Intervallbetrieb, Regler für Scheibenwischer-Intervallschaltung, Lenkwinkelgeber
1809
9. Zündanlassschalter, Blinklichtschalter, Schalter für Handabblendung und Lichthupe, Schalter für GRA, SET-Taster für GRA, Lenkwinkelgeber
1810
10. Lampe für Rückfahrlicht links, Lampe für Rückfahrlicht rechts, Lampe für Nebelschlussleuchte rechts, Lampe für Nebelschlussleuchte links, Kennzeichenleuchten
1811
11. Lampe für Seitenblinkleuchte, Scheibenwischermotoren, Steuergerät für Wischermotor, Fahrerseite und Beifahrerseite, Relais 2 für Doppelwaschpumpe
1812
12. Scheibenwaschpumpe, Lampe für hochgesetztes Bremslicht, Heckscheibenheizung, Motor für Heckscheibenwischer, Relais für beheizbare Heckscheibe, Relais 1 für Doppelwaschpumpe, Bordnetzsteuergerät
1813
13. Hochtonhorn, Tieftonhorn, Relais für Doppeltonhorn	1814
14. Schalter für Handschuhfachleuchte, Kontaktschalter für Make-up-Spiegel, beleuchtete Make-up-Spiegel, Leseleuchten vorn, Handschuhfachleuchte, Innenleuchte mit Ausschaltverzögerung
1815
15. Zigarettenanzünder, Leseleuchten hinten, Steckdosen, Bordnetzsteuergerät	1816
16. Warnlichtschalter, Schalter für Rückfahrleuchten, Bordnetzsteuergerät	1817
17. Verstellantrieb für Warmluftgebläse mit Überhitzungssicherung, Stellmotor der Umluftklappe, Frischluftgebläse, Steuergerät für Heizung
1818
18. Leuchte für Wegfahrsicherung, Schalter für Handbremskontrolle, Warnkontakt für Bremsflüssigkeitsstand, Schaltfeldeinsatz, Steuergerät für Wegfahrsicherung
1819
19. Öldruckschalter, Schaltfeldeinsatz, Temperaturfühler für Außentemperatur, Geber für Kühlmittelmangelanzeige	1820
20. Schaltfeldeinsatz, Kontrolllampen, Steuergerät für Bordnetz	1821
21. Schaltfeldeinsatz, Diagnose-Interface für Datenbus, Kontrollleuchten	1822
22. Diagnoseanschluss, Diagnose-Interface für Datenbus, Steuergerät für Bordnetz	1823
197 - 1.4 l - MatrIX 4HV/80 kW, Motorkennbuchstaben BXW	1824-1842
1. 1.4 l - MatrIX 4HV/80 kW, Motorkennbuchstaben BXW	1824
2. Drehstromgenerator, Batterie, Anlasser	1825
3. Zündanlass-Schalter, Schalter für GRA, SET-Taster für GRA, Steuergerät für Lenksäulenelektronik	1826
4. Relais für Spannungsversorgung der Klemme 30, Steuergerät für Lenksäulenelektronik	1827
5. Sicherungen	1828
6. Kraftstoffpumpe, Kraftstoffpumpenrelais, Relais für Kraftstoffpumpe, Geber für Kraftstoffvorratsanzeige	1829
7. Steuergerät für 4HV	1830
8. Zündspulen 1, 2, 3 und 4 mit Leistungsendstufe, Zündkerzen, Zündkerzenstecker, Heizwiderstand für Kurbelgehäuseentlüftung, Steuergerät für 4HV
1831
9. Relais für Spannungsversorgung, Klemme 50, Motorsteuergerät, Steuergerät für 4HV, Drosselklappensteuereinheit	1832
10. Magnetventil 1 für Aktivkohlebehälter-Anlage, Ansaugluftemperaturgeber, Saugrohrdruckgeber, Steuergerät für 4HV	1833
11. Klopfsensor 1, Hallgeber, Kühlmitteltemperaturgeber, Steuergerät für 4HV	1834
12. Lambdasonde nach Katalysator, Kraftstoffventile, Steuergerät für 4HV	1835
13. Lambdasonde, Geber für Gaspedalstellung, Geber 2 für Gaspedalstellung, Steuergerät für 4HV	1836
14. Bremslichtschalter, Bremspedalschalter für GRA, Kupplungspositionsgeber, Steuergerät für 4HV	1837
15. Kühlmitteltemperaturgeber am Kühlerausgang, Steuergerät für 4HV	1838
16. Relais 2 für Spannungsversorgung, Kl. 15, Steuergerät für Bordnetz	1839
17. Schaltfeldeinsatz, Diagnose-Interface für Datenbus	1840
18. Drehzahlmesser, Kraftstoffvorratsanzeige, Kontrollleuchten, Geber für Kühlmitteltemperaturanzeige, Kühlmitteltemperaturgeber, Geschwindigkeitsmesser
1841
19. Warnsummer, Öldruckschalter, Schaltfeldeinsatz, Kontrollleuchte für Öldruck, Kontrollleuchte für Öldruck	1842
198 - 1.4 l - TFSI/92 kW, Motorkennbuchstaben CAXC	1843-1865
1. 1.4 l - TFSI/92 kW, Motorkennbuchstaben CAXC	1843
2. Drehstromgenerator, Batterie, Anlasser, Spannungsregler	1844
3. Zündanlass-Schalter, Schalter für GRA, Taster für GRA, Steuergerät für Lenksäulenelektronik	1845
4. Stromversorgungsrelais für Motronic, Steuergerät für Lenksäulenelektronik	1846
5. Sicherungen	1847
6. Sicherungen	1848
7. Pumpe für Kühlmittelnachlauf, Relais für Kühlmittelzusatzpumpe	1849
8. Kraftstoffpumpe, Geber für Kraftstoffvorratsanzeige, Steuergerät für Kraftstoffpumpe	1850
9. Lambdasonde, Lambdasonde nach Katalysator, Geber für Kühlmitteltemperatur am Kühlerausgang	1851
10. Saugrohrdruckgeber, Geber für Kraftstoffdruck, Hallgeber, Ladedruckgeber, Motorsteuergerät	1852
11. Geber für Kühlmitteltemperatur, Motordrehzahlgeber, Klopfsensor 1, Motorsteuergerät	1853
12. Magnetventil 1 für Aktivkohlebehälter-Anlage, Magnetventil für Ladedruckbegrenzung, Ventil 1 für Nockenwellenverstellung, Motorsteuergerät
1854
13. Zündspulen 1 und 2 mit Leistungsendstufe, Zündkerzen 1 und 2, Zündkerzenstecker 1 und 2, Motorsteuergerät	1855
14. Zündspulen 3 und 4 mit Leistungsendstufe, Zündkerzen 3 und 4, Zündkerzenstecker 3 und 4, Motorsteuergerät, Regelventil für Kraftstoffdruck
1856
15. Einspritzventil für Zylinder 1, Einspritzventil für Zylinder 2, Einspritzventil für Zylinder 3, Einspritzventil für Zylinder 4, Motorsteuergerät	1857
16. Relais für Spannungsversorgung, Klemme 50, Motorsteuergerät, Drosselklappensteuereinheit	1858
17. Gaspedalstellungsgeber, Geber 2 für Gaspedalstellung, Motorsteuergerät	1859
18. Bremslichtschalter, Bremspedalschalter, Kupplungspositionsgeber, Motorsteuergerät	1860
19. Motorsteuergerät, Steuergerät für Bordnetz	1861
20. Sicherungen, Relais 2 für Spannungsversorgung Kl. 15, Steuergerät für Bordnetz	1862
21. Schaltfeldeinsatz, Diagnose-Interface für Datenbus	1863
22. Drehzahlmesser, Kraftstoffvorratsanzeige, Kontrollleuchten, Geber für Kühlmitteltemperaturanzeige, Kühlmitteltemperaturgeber, Geschwindigkeitsmesser
1864
23. Warnsummer, Öldruckschalter, Schaltfeldeinsatz, Kontrollleuchte für Öldruck, Kontrollleuchte für Öldruck, Geber für Öltemperatur	1865
199 - 1.6 l - Simos/75 kW, Motorkennbuchstaben BSE	1866-1884
1. 1.6 l - Simos/75 kW, Motorkennbuchstaben BSE	1866
2. Drehstromgenerator, Batterie, Anlasser	1867
3. Zündanlass-Schalter, Schalter für GRA, SET-Taster für GRA, Steuergerät für Lenksäulenelektronik	1868
4. Relais für Spannungsversorgung der Klemme 30, Steuergerät für Lenksäulenelektronik	1869
5. Heizelement für Motorvorwärmung, Sicherungen, Außenstalkdose, 230 V	1870
6. Kraftstoffpumpe, Kraftstoffpumpenrelais, Relais für Kraftstoffpumpe, Geber für Kraftstoffvorratsanzeige	1871
7. Motor für Sekundärluftpumpe, Relais für Sekundärluftpumpe, Steuergerät für Simos	1872
8. Zündkerzen, Heizwiderstand für Ansaugrohrvorwärmung, Zündtrafo, Steuergerät für Simos	1873
9. Relais für Spannungsversorgung, Klemme 50, Motorsteuergerät, Steuergerät für Simos	1874
